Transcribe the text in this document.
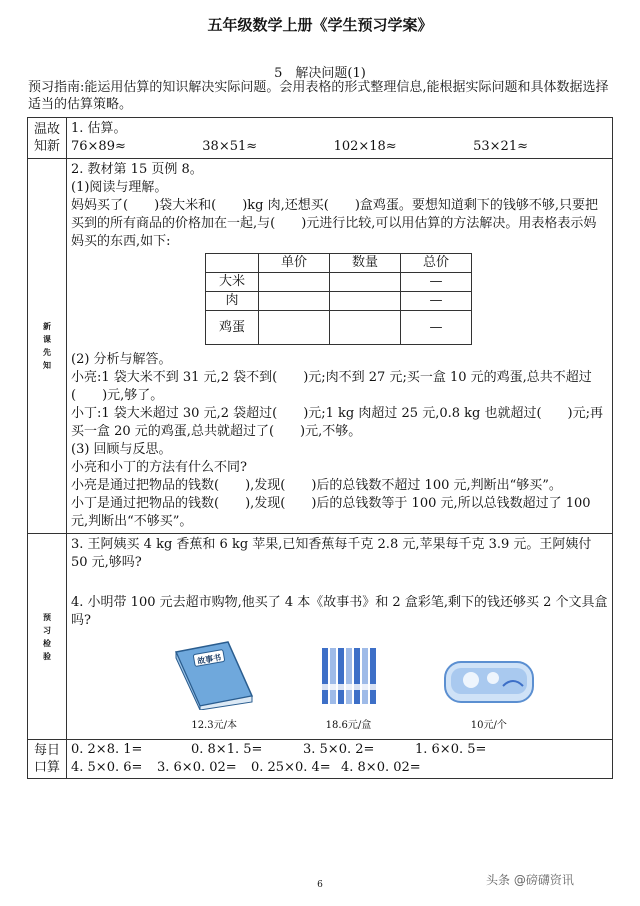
五年级数学上册《学生预习学案》
5　解决问题(1)
预习指南:能运用估算的知识解决实际问题。会用表格的形式整理信息,能根据实际问题和具体数据选择适当的估算策略。
温故知新

1. 估算。
76×89≈	38×51≈	102×18≈	53×21≈

新课先知

2. 教材第 15 页例 8。
(1)阅读与理解。
妈妈买了(　　)袋大米和(　　)kg 肉,还想买(　　)盒鸡蛋。要想知道剩下的钱够不够,只要把买到的所有商品的价格加在一起,与(　　)元进行比较,可以用估算的方法解决。用表格表示妈妈买的东西,如下:
	单价	数量	总价
大米			—
肉			—
鸡蛋			—
(2) 分析与解答。
小亮:1 袋大米不到 31 元,2 袋不到(　　)元;肉不到 27 元;买一盒 10 元的鸡蛋,总共不超过(　　)元,够了。
小丁:1 袋大米超过 30 元,2 袋超过(　　)元;1 kg 肉超过 25 元,0.8 kg 也就超过(　　)元;再买一盒 20 元的鸡蛋,总共就超过了(　　)元,不够。
(3) 回顾与反思。
小亮和小丁的方法有什么不同?
小亮是通过把物品的钱数(　　),发现(　　)后的总钱数不超过 100 元,判断出“够买”。
小丁是通过把物品的钱数(　　),发现(　　)后的总钱数等于 100 元,所以总钱数超过了 100 元,判断出“不够买”。

预习检验

3. 王阿姨买 4 kg 香蕉和 6 kg 苹果,已知香蕉每千克 2.8 元,苹果每千克 3.9 元。王阿姨付 50 元,够吗?
4. 小明带 100 元去超市购物,他买了 4 本《故事书》和 2 盒彩笔,剩下的钱还够买 2 个文具盒吗?
故事书
12.3元/本	18.6元/盒	10元/个

每日口算

0. 2×8. 1=	0. 8×1. 5=	3. 5×0. 2=	1. 6×0. 5=
4. 5×0. 6=	3. 6×0. 02=	0. 25×0. 4= 4. 8×0. 02=
6	头条 @磅礴资讯
